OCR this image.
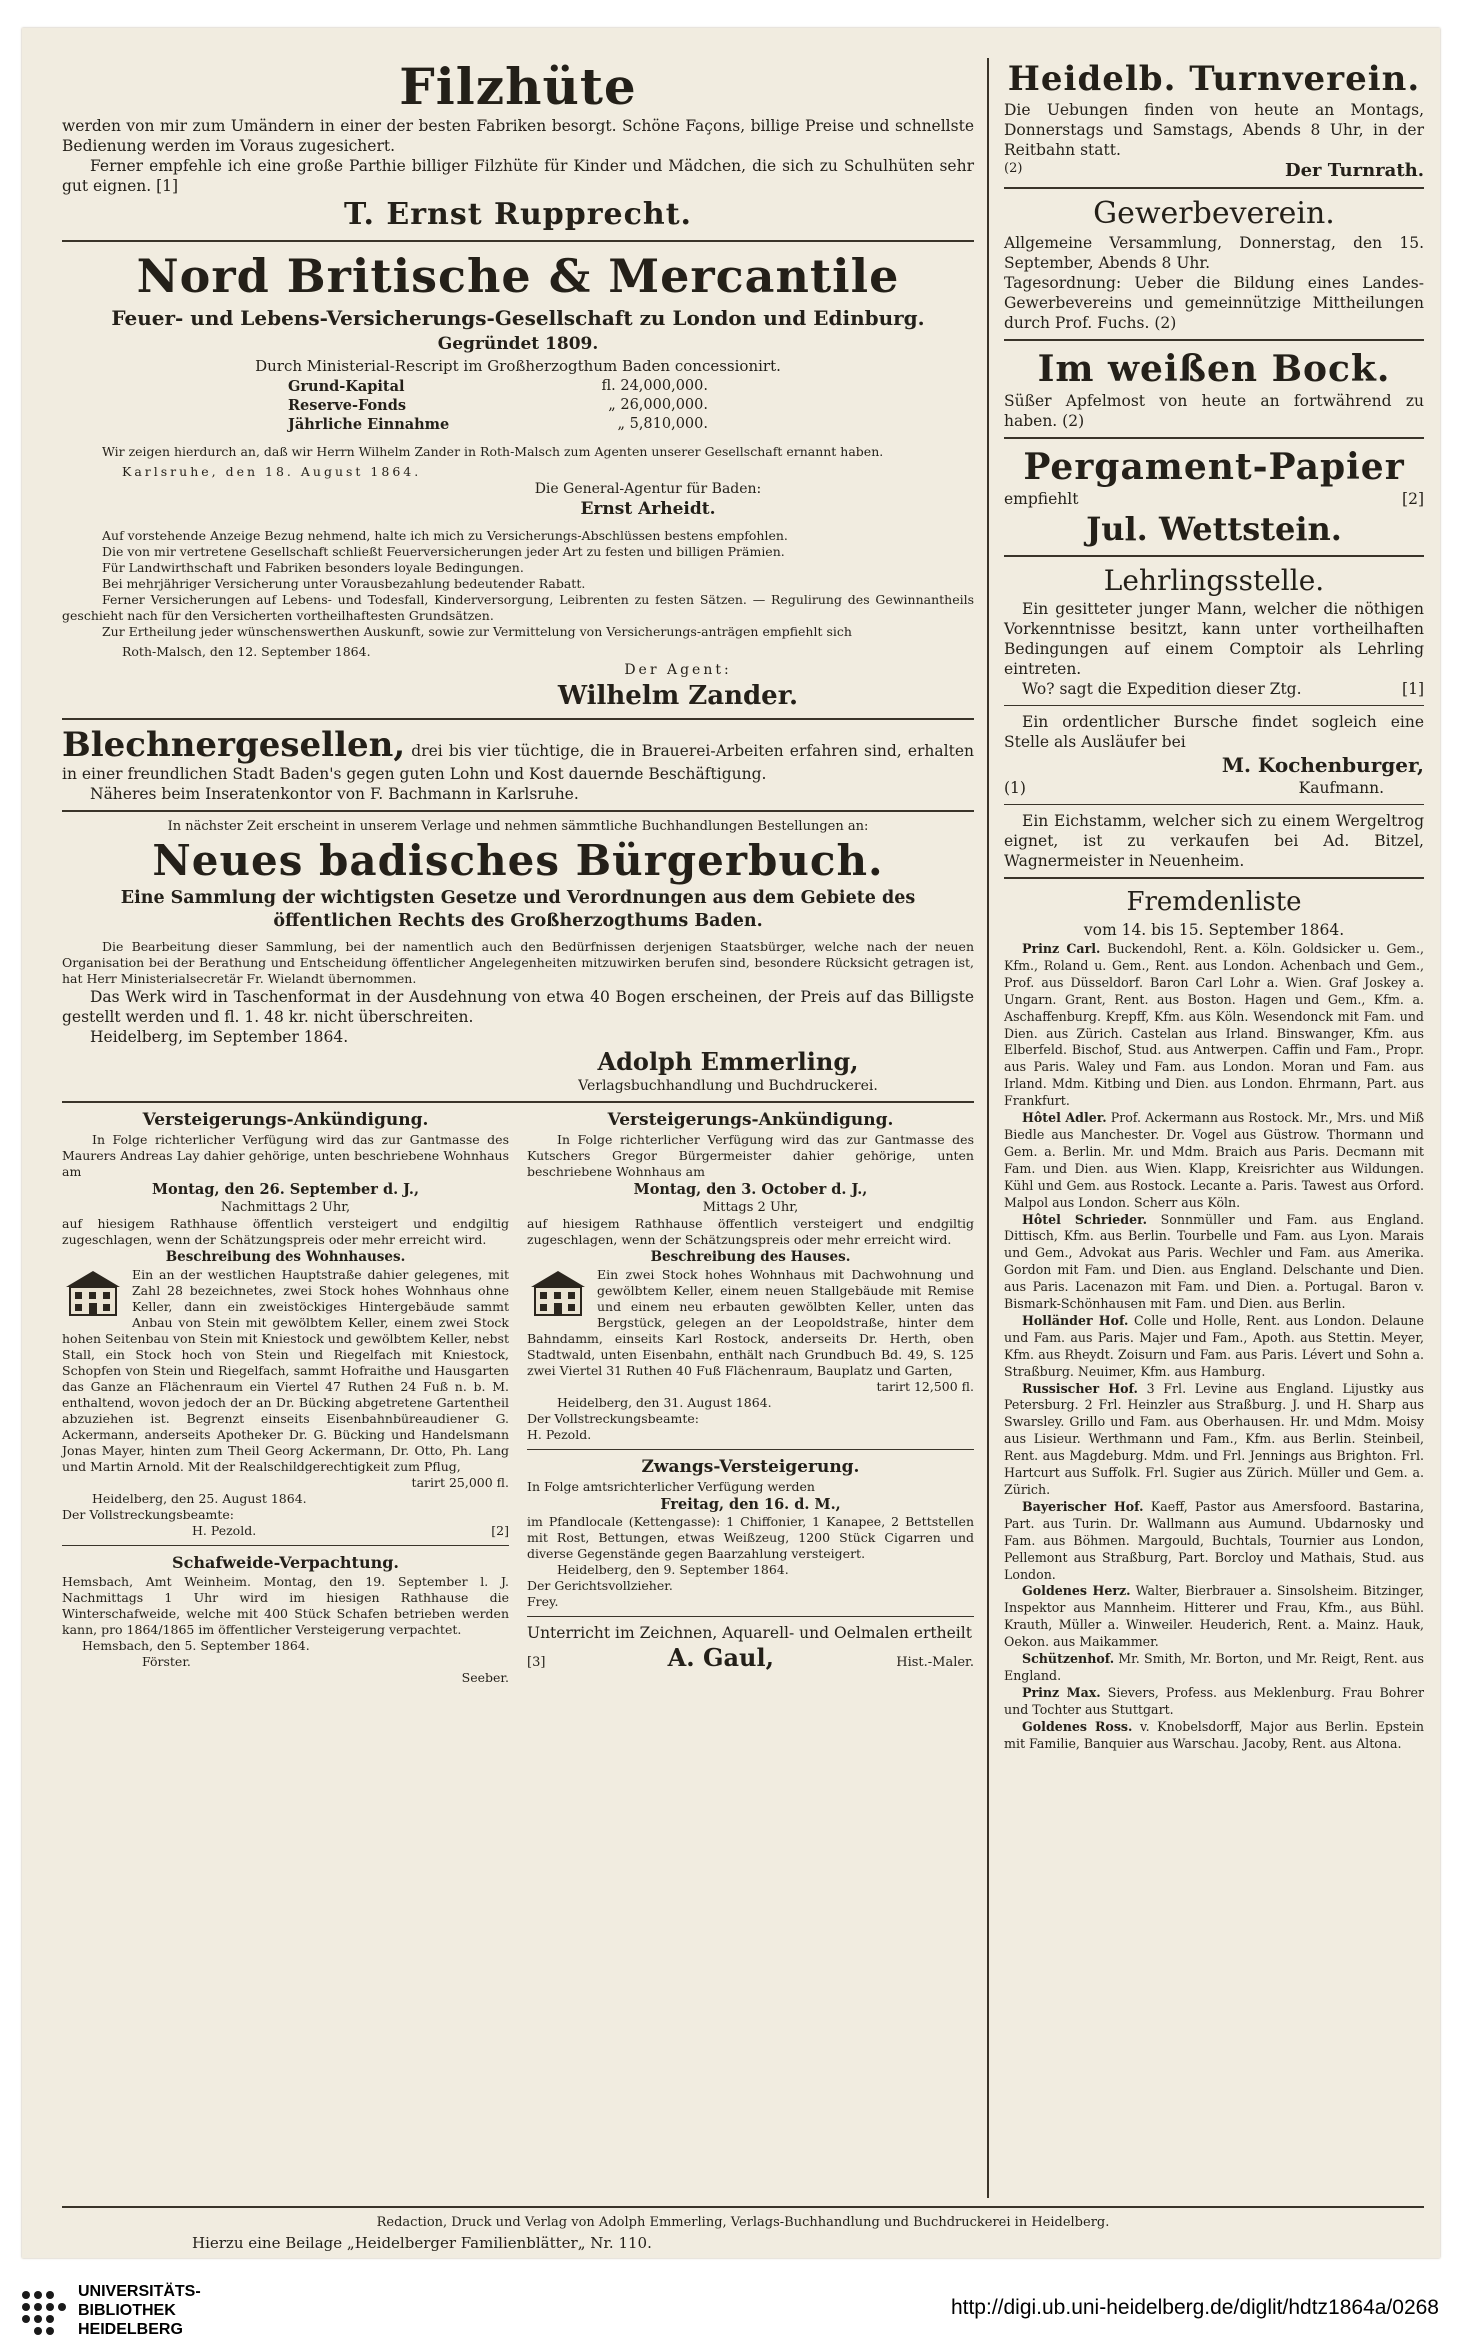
Filzhüte
werden von mir zum Umändern in einer der besten Fabriken besorgt. Schöne Façons, billige Preise und schnellste Bedienung werden im Voraus zugesichert.
Ferner empfehle ich eine große Parthie billiger Filzhüte für Kinder und Mädchen, die sich zu Schulhüten sehr gut eignen. [1]
T. Ernst Rupprecht.
Nord Britische & Mercantile
Feuer- und Lebens-Versicherungs-Gesellschaft zu London und Edinburg.
Gegründet 1809.
Durch Ministerial-Rescript im Großherzogthum Baden concessionirt.
Grund-Kapital	fl. 24,000,000.
Reserve-Fonds	„ 26,000,000.
Jährliche Einnahme	„ 5,810,000.
Wir zeigen hierdurch an, daß wir Herrn Wilhelm Zander in Roth-Malsch zum Agenten unserer Gesellschaft ernannt haben.
Karlsruhe, den 18. August 1864.
Die General-Agentur für Baden:
Ernst Arheidt.
Auf vorstehende Anzeige Bezug nehmend, halte ich mich zu Versicherungs-Abschlüssen bestens empfohlen.
Die von mir vertretene Gesellschaft schließt Feuerversicherungen jeder Art zu festen und billigen Prämien.
Für Landwirthschaft und Fabriken besonders loyale Bedingungen.
Bei mehrjähriger Versicherung unter Vorausbezahlung bedeutender Rabatt.
Ferner Versicherungen auf Lebens- und Todesfall, Kinderversorgung, Leibrenten zu festen Sätzen. — Regulirung des Gewinnantheils geschieht nach für den Versicherten vortheilhaftesten Grundsätzen.
Zur Ertheilung jeder wünschenswerthen Auskunft, sowie zur Vermittelung von Versicherungs-anträgen empfiehlt sich
Roth-Malsch, den 12. September 1864.
Der Agent:
Wilhelm Zander.
Blechnergesellen, drei bis vier tüchtige, die in Brauerei-Arbeiten erfahren sind, erhalten in einer freundlichen Stadt Baden's gegen guten Lohn und Kost dauernde Beschäftigung.
Näheres beim Inseratenkontor von F. Bachmann in Karlsruhe.
In nächster Zeit erscheint in unserem Verlage und nehmen sämmtliche Buchhandlungen Bestellungen an:
Neues badisches Bürgerbuch.
Eine Sammlung der wichtigsten Gesetze und Verordnungen aus dem Gebiete des öffentlichen Rechts des Großherzogthums Baden.
Die Bearbeitung dieser Sammlung, bei der namentlich auch den Bedürfnissen derjenigen Staatsbürger, welche nach der neuen Organisation bei der Berathung und Entscheidung öffentlicher Angelegenheiten mitzuwirken berufen sind, besondere Rücksicht getragen ist, hat Herr Ministerialsecretär Fr. Wielandt übernommen.
Das Werk wird in Taschenformat in der Ausdehnung von etwa 40 Bogen erscheinen, der Preis auf das Billigste gestellt werden und fl. 1. 48 kr. nicht überschreiten.
Heidelberg, im September 1864.
Adolph Emmerling,
Verlagsbuchhandlung und Buchdruckerei.
Versteigerungs-Ankündigung.
In Folge richterlicher Verfügung wird das zur Gantmasse des Maurers Andreas Lay dahier gehörige, unten beschriebene Wohnhaus am
Montag, den 26. September d. J.,
Nachmittags 2 Uhr,
auf hiesigem Rathhause öffentlich versteigert und endgiltig zugeschlagen, wenn der Schätzungspreis oder mehr erreicht wird.
Beschreibung des Wohnhauses.
Ein an der westlichen Hauptstraße dahier gelegenes, mit Zahl 28 bezeichnetes, zwei Stock hohes Wohnhaus ohne Keller, dann ein zweistöckiges Hintergebäude sammt Anbau von Stein mit gewölbtem Keller, einem zwei Stock hohen Seitenbau von Stein mit Kniestock und gewölbtem Keller, nebst Stall, ein Stock hoch von Stein und Riegelfach mit Kniestock, Schopfen von Stein und Riegelfach, sammt Hofraithe und Hausgarten das Ganze an Flächenraum ein Viertel 47 Ruthen 24 Fuß n. b. M. enthaltend, wovon jedoch der an Dr. Bücking abgetretene Gartentheil abzuziehen ist. Begrenzt einseits Eisenbahnbüreaudiener G. Ackermann, anderseits Apotheker Dr. G. Bücking und Handelsmann Jonas Mayer, hinten zum Theil Georg Ackermann, Dr. Otto, Ph. Lang und Martin Arnold. Mit der Realschildgerechtigkeit zum Pflug,
tarirt 25,000 fl.
Heidelberg, den 25. August 1864.
Der Vollstreckungsbeamte:
H. Pezold.	[2]
Schafweide-Verpachtung.
Hemsbach, Amt Weinheim. Montag, den 19. September l. J. Nachmittags 1 Uhr wird im hiesigen Rathhause die Winterschafweide, welche mit 400 Stück Schafen betrieben werden kann, pro 1864/1865 im öffentlicher Versteigerung verpachtet.
Hemsbach, den 5. September 1864.
Förster.
Seeber.
Versteigerungs-Ankündigung.
In Folge richterlicher Verfügung wird das zur Gantmasse des Kutschers Gregor Bürgermeister dahier gehörige, unten beschriebene Wohnhaus am
Montag, den 3. October d. J.,
Mittags 2 Uhr,
auf hiesigem Rathhause öffentlich versteigert und endgiltig zugeschlagen, wenn der Schätzungspreis oder mehr erreicht wird.
Beschreibung des Hauses.
Ein zwei Stock hohes Wohnhaus mit Dachwohnung und gewölbtem Keller, einem neuen Stallgebäude mit Remise und einem neu erbauten gewölbten Keller, unten das Bergstück, gelegen an der Leopoldstraße, hinter dem Bahndamm, einseits Karl Rostock, anderseits Dr. Herth, oben Stadtwald, unten Eisenbahn, enthält nach Grundbuch Bd. 49, S. 125 zwei Viertel 31 Ruthen 40 Fuß Flächenraum, Bauplatz und Garten,
tarirt 12,500 fl.
Heidelberg, den 31. August 1864.
Der Vollstreckungsbeamte:
H. Pezold.
Zwangs-Versteigerung.
In Folge amtsrichterlicher Verfügung werden
Freitag, den 16. d. M.,
im Pfandlocale (Kettengasse): 1 Chiffonier, 1 Kanapee, 2 Bettstellen mit Rost, Bettungen, etwas Weißzeug, 1200 Stück Cigarren und diverse Gegenstände gegen Baarzahlung versteigert.
Heidelberg, den 9. September 1864.
Der Gerichtsvollzieher.
Frey.
Unterricht im Zeichnen, Aquarell- und Oelmalen ertheilt
[3]	A. Gaul,	Hist.-Maler.
Heidelb. Turnverein.
Die Uebungen finden von heute an Montags, Donnerstags und Samstags, Abends 8 Uhr, in der Reitbahn statt.
(2)	Der Turnrath.
Gewerbeverein.
Allgemeine Versammlung, Donnerstag, den 15. September, Abends 8 Uhr.
Tagesordnung: Ueber die Bildung eines Landes-Gewerbevereins und gemeinnützige Mittheilungen durch Prof. Fuchs. (2)
Im weißen Bock.
Süßer Apfelmost von heute an fortwährend zu haben. (2)
Pergament-Papier
empfiehlt	[2]
Jul. Wettstein.
Lehrlingsstelle.
Ein gesitteter junger Mann, welcher die nöthigen Vorkenntnisse besitzt, kann unter vortheilhaften Bedingungen auf einem Comptoir als Lehrling eintreten.
Wo? sagt die Expedition dieser Ztg.	[1]
Ein ordentlicher Bursche findet sogleich eine Stelle als Ausläufer bei
M. Kochenburger,
(1)	Kaufmann.
Ein Eichstamm, welcher sich zu einem Wergeltrog eignet, ist zu verkaufen bei Ad. Bitzel, Wagnermeister in Neuenheim.
Fremdenliste
vom 14. bis 15. September 1864.
Prinz Carl. Buckendohl, Rent. a. Köln. Goldsicker u. Gem., Kfm., Roland u. Gem., Rent. aus London. Achenbach und Gem., Prof. aus Düsseldorf. Baron Carl Lohr a. Wien. Graf Joskey a. Ungarn. Grant, Rent. aus Boston. Hagen und Gem., Kfm. a. Aschaffenburg. Krepff, Kfm. aus Köln. Wesendonck mit Fam. und Dien. aus Zürich. Castelan aus Irland. Binswanger, Kfm. aus Elberfeld. Bischof, Stud. aus Antwerpen. Caffin und Fam., Propr. aus Paris. Waley und Fam. aus London. Moran und Fam. aus Irland. Mdm. Kitbing und Dien. aus London. Ehrmann, Part. aus Frankfurt.
Hôtel Adler. Prof. Ackermann aus Rostock. Mr., Mrs. und Miß Biedle aus Manchester. Dr. Vogel aus Güstrow. Thormann und Gem. a. Berlin. Mr. und Mdm. Braich aus Paris. Decmann mit Fam. und Dien. aus Wien. Klapp, Kreisrichter aus Wildungen. Kühl und Gem. aus Rostock. Lecante a. Paris. Tawest aus Orford. Malpol aus London. Scherr aus Köln.
Hôtel Schrieder. Sonnmüller und Fam. aus England. Dittisch, Kfm. aus Berlin. Tourbelle und Fam. aus Lyon. Marais und Gem., Advokat aus Paris. Wechler und Fam. aus Amerika. Gordon mit Fam. und Dien. aus England. Delschante und Dien. aus Paris. Lacenazon mit Fam. und Dien. a. Portugal. Baron v. Bismark-Schönhausen mit Fam. und Dien. aus Berlin.
Holländer Hof. Colle und Holle, Rent. aus London. Delaune und Fam. aus Paris. Majer und Fam., Apoth. aus Stettin. Meyer, Kfm. aus Rheydt. Zoisurn und Fam. aus Paris. Lévert und Sohn a. Straßburg. Neuimer, Kfm. aus Hamburg.
Russischer Hof. 3 Frl. Levine aus England. Lijustky aus Petersburg. 2 Frl. Heinzler aus Straßburg. J. und H. Sharp aus Swarsley. Grillo und Fam. aus Oberhausen. Hr. und Mdm. Moisy aus Lisieur. Werthmann und Fam., Kfm. aus Berlin. Steinbeil, Rent. aus Magdeburg. Mdm. und Frl. Jennings aus Brighton. Frl. Hartcurt aus Suffolk. Frl. Sugier aus Zürich. Müller und Gem. a. Zürich.
Bayerischer Hof. Kaeff, Pastor aus Amersfoord. Bastarina, Part. aus Turin. Dr. Wallmann aus Aumund. Ubdarnosky und Fam. aus Böhmen. Margould, Buchtals, Tournier aus London, Pellemont aus Straßburg, Part. Borcloy und Mathais, Stud. aus London.
Goldenes Herz. Walter, Bierbrauer a. Sinsolsheim. Bitzinger, Inspektor aus Mannheim. Hitterer und Frau, Kfm., aus Bühl. Krauth, Müller a. Winweiler. Heuderich, Rent. a. Mainz. Hauk, Oekon. aus Maikammer.
Schützenhof. Mr. Smith, Mr. Borton, und Mr. Reigt, Rent. aus England.
Prinz Max. Sievers, Profess. aus Meklenburg. Frau Bohrer und Tochter aus Stuttgart.
Goldenes Ross. v. Knobelsdorff, Major aus Berlin. Epstein mit Familie, Banquier aus Warschau. Jacoby, Rent. aus Altona.
Redaction, Druck und Verlag von Adolph Emmerling, Verlags-Buchhandlung und Buchdruckerei in Heidelberg.
Hierzu eine Beilage „Heidelberger Familienblätter„ Nr. 110.
UNIVERSITÄTS-
BIBLIOTHEK
HEIDELBERG
http://digi.ub.uni-heidelberg.de/diglit/hdtz1864a/0268
